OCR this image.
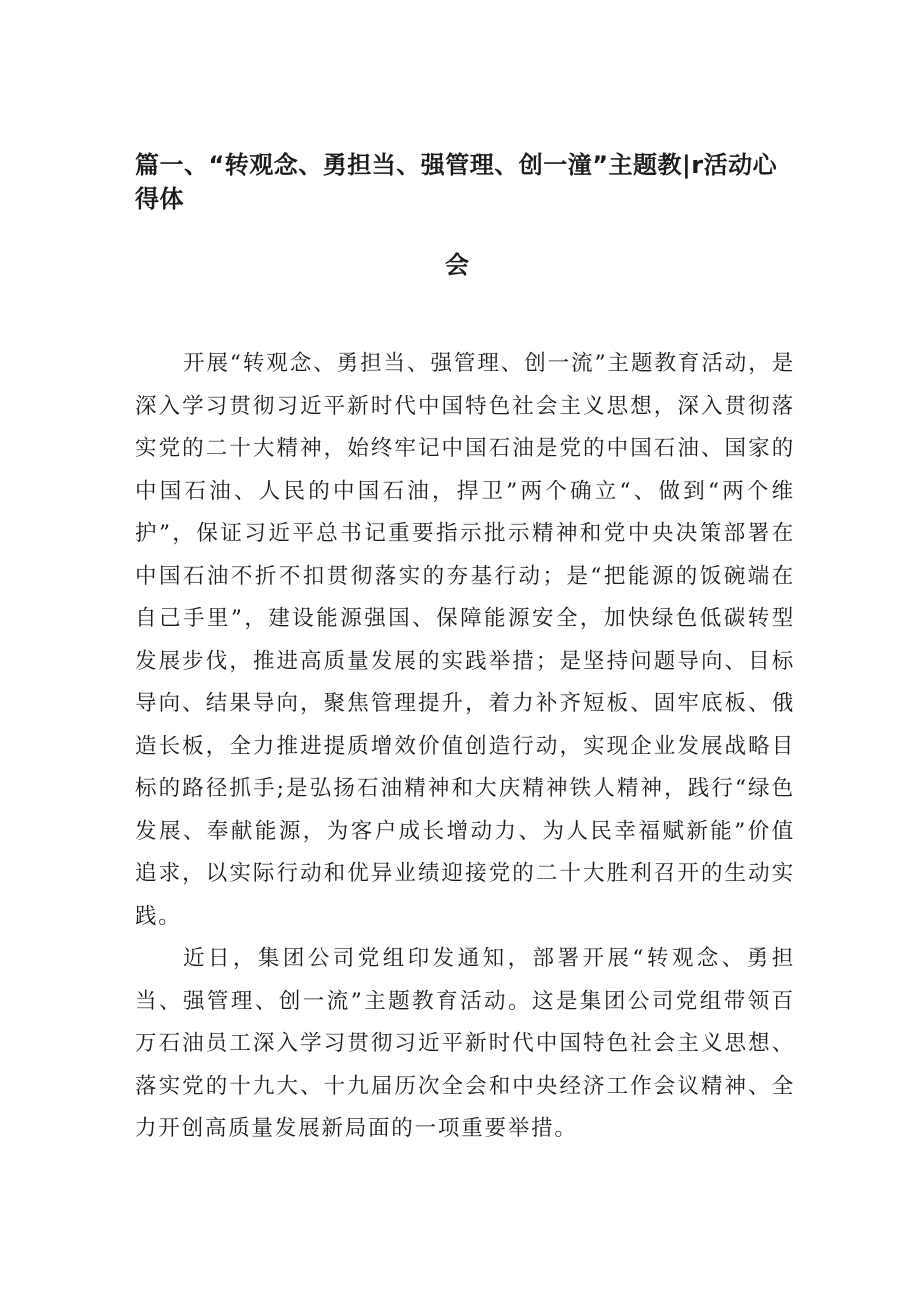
篇一、“转观念、勇担当、强管理、创一潼”主题教|r活动心得体
会

开展“转观念、勇担当、强管理、创一流”主题教育活动，是深入学习贯彻习近平新时代中国特色社会主义思想，深入贯彻落实党的二十大精神，始终牢记中国石油是党的中国石油、国家的中国石油、人民的中国石油，捍卫”两个确立“、做到“两个维护”，保证习近平总书记重要指示批示精神和党中央决策部署在中国石油不折不扣贯彻落实的夯基行动；是“把能源的饭碗端在自己手里”，建设能源强国、保障能源安全，加快绿色低碳转型发展步伐，推进高质量发展的实践举措；是坚持问题导向、目标导向、结果导向，聚焦管理提升，着力补齐短板、固牢底板、俄造长板，全力推进提质增效价值创造行动，实现企业发展战略目标的路径抓手;是弘扬石油精神和大庆精神铁人精神，践行“绿色发展、奉献能源，为客户成长增动力、为人民幸福赋新能”价值追求，以实际行动和优异业绩迎接党的二十大胜利召开的生动实践。

近日，集团公司党组印发通知，部署开展“转观念、勇担当、强管理、创一流”主题教育活动。这是集团公司党组带领百万石油员工深入学习贯彻习近平新时代中国特色社会主义思想、落实党的十九大、十九届历次全会和中央经济工作会议精神、全力开创高质量发展新局面的一项重要举措。
